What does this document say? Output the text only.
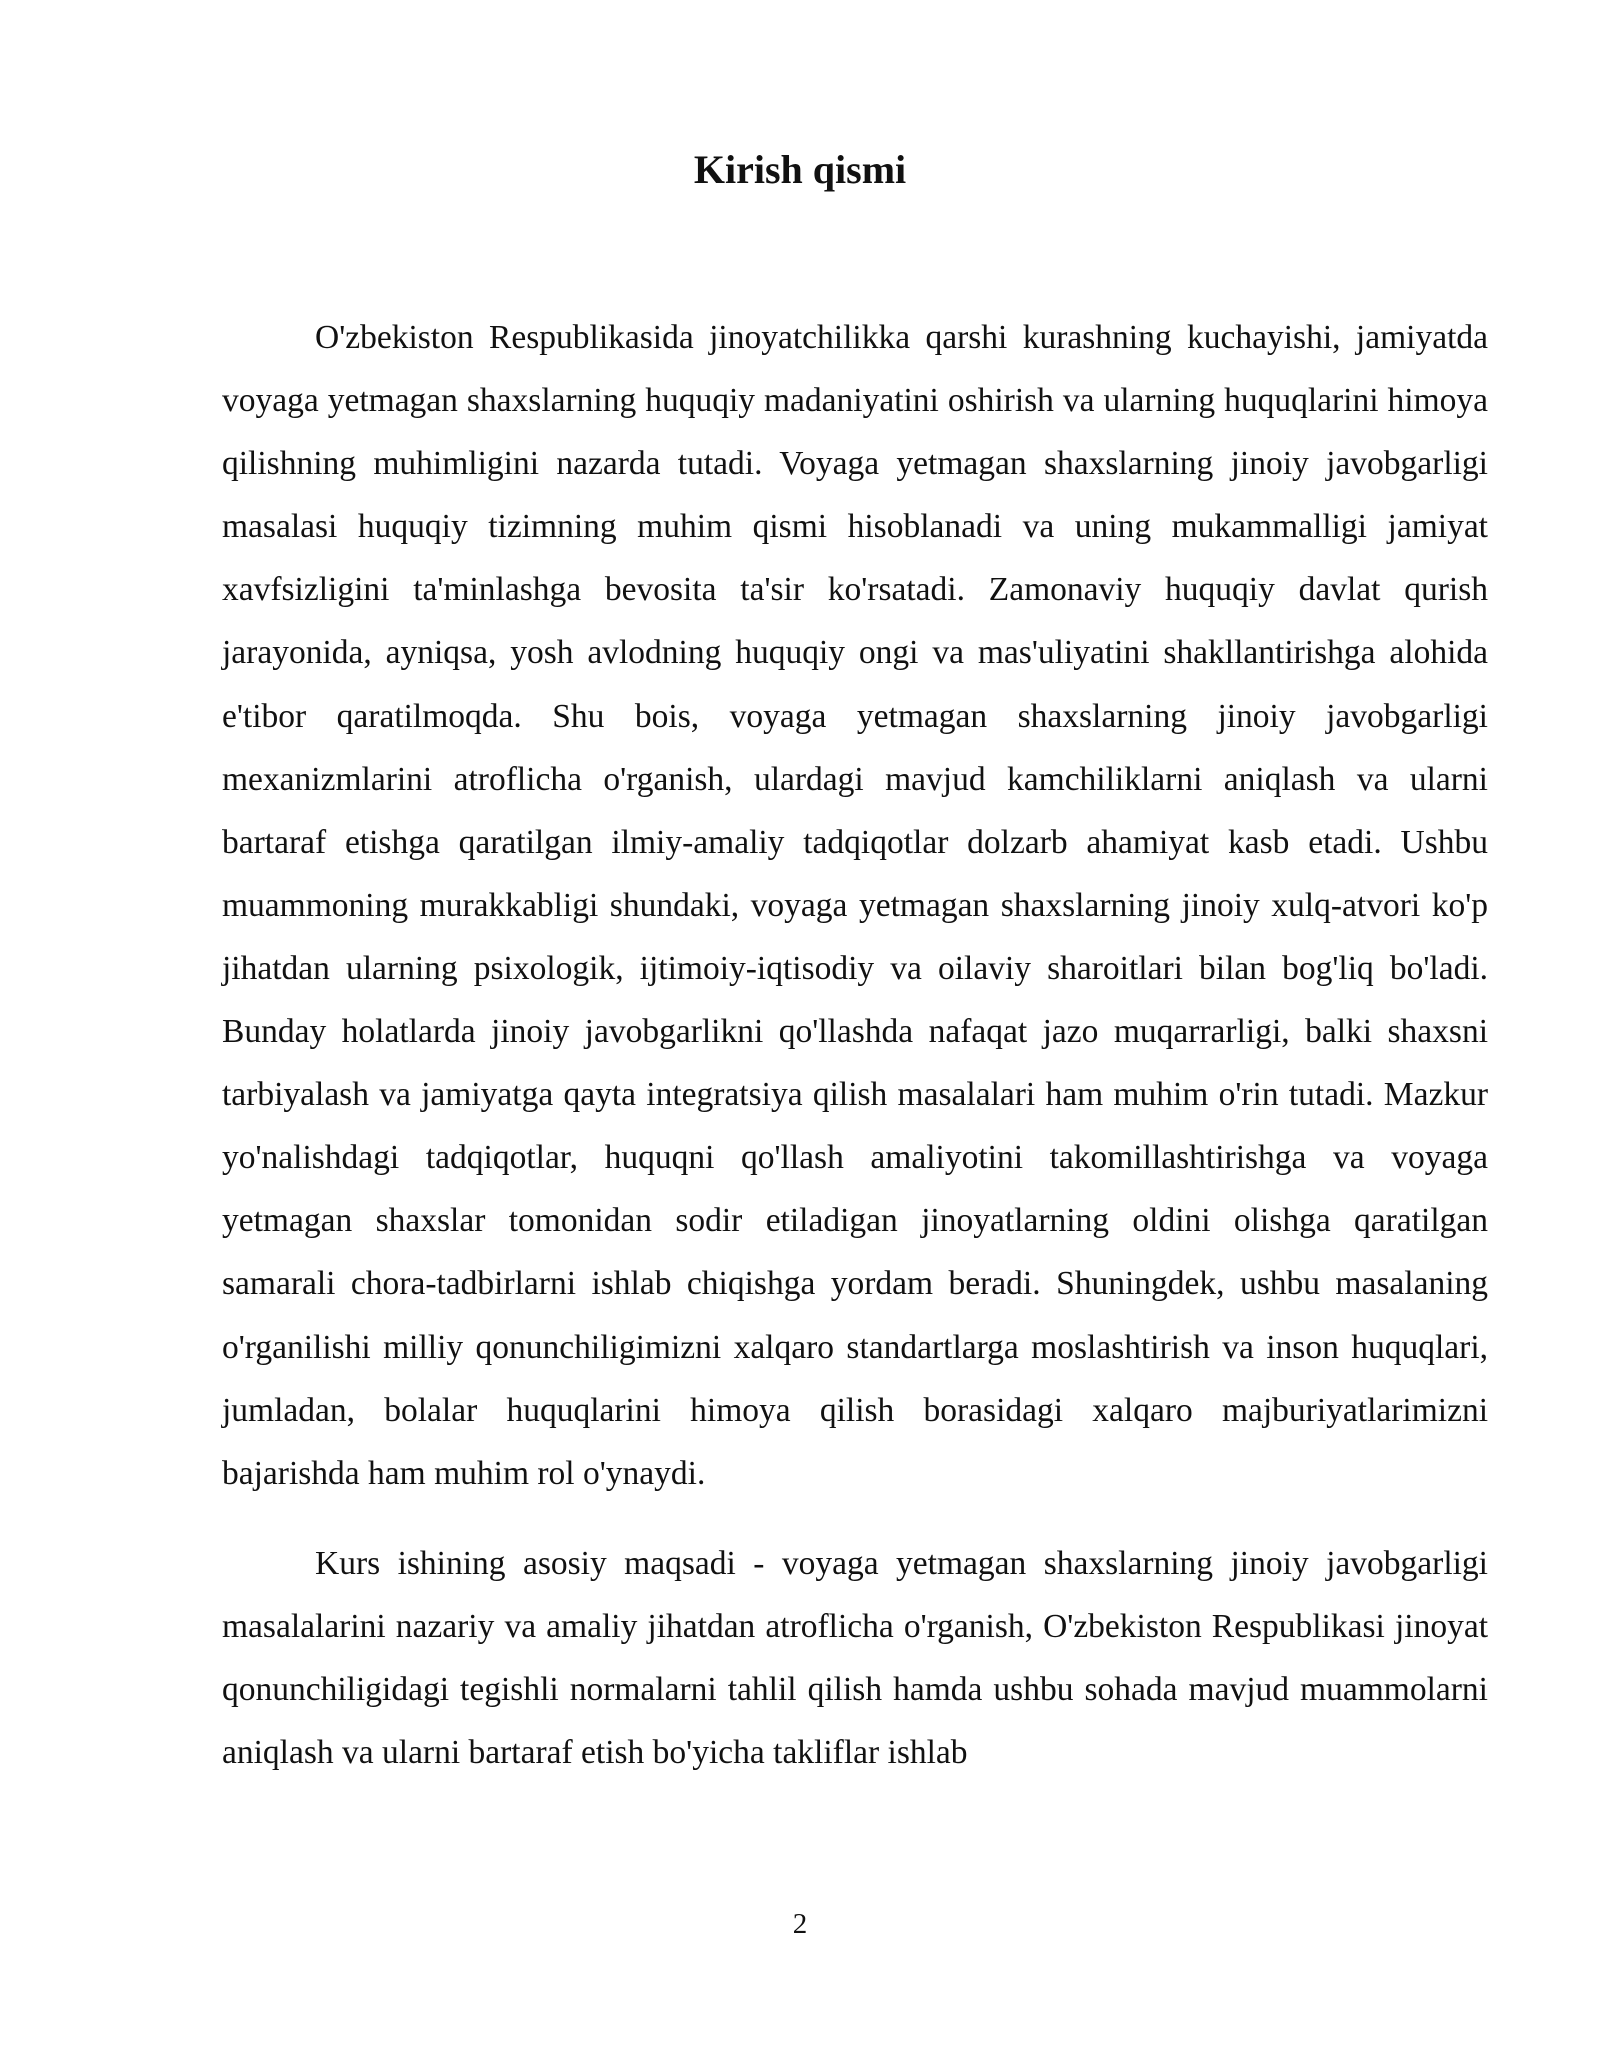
Kirish qismi

O'zbekiston Respublikasida jinoyatchilikka qarshi kurashning kuchayishi, jamiyatda voyaga yetmagan shaxslarning huquqiy madaniyatini oshirish va ularning huquqlarini himoya qilishning muhimligini nazarda tutadi. Voyaga yetmagan shaxslarning jinoiy javobgarligi masalasi huquqiy tizimning muhim qismi hisoblanadi va uning mukammalligi jamiyat xavfsizligini ta'minlashga bevosita ta'sir ko'rsatadi. Zamonaviy huquqiy davlat qurish jarayonida, ayniqsa, yosh avlodning huquqiy ongi va mas'uliyatini shakllantirishga alohida e'tibor qaratilmoqda. Shu bois, voyaga yetmagan shaxslarning jinoiy javobgarligi mexanizmlarini atroflicha o'rganish, ulardagi mavjud kamchiliklarni aniqlash va ularni bartaraf etishga qaratilgan ilmiy-amaliy tadqiqotlar dolzarb ahamiyat kasb etadi. Ushbu muammoning murakkabligi shundaki, voyaga yetmagan shaxslarning jinoiy xulq-atvori ko'p jihatdan ularning psixologik, ijtimoiy-iqtisodiy va oilaviy sharoitlari bilan bog'liq bo'ladi. Bunday holatlarda jinoiy javobgarlikni qo'llashda nafaqat jazo muqarrarligi, balki shaxsni tarbiyalash va jamiyatga qayta integratsiya qilish masalalari ham muhim o'rin tutadi. Mazkur yo'nalishdagi tadqiqotlar, huquqni qo'llash amaliyotini takomillashtirishga va voyaga yetmagan shaxslar tomonidan sodir etiladigan jinoyatlarning oldini olishga qaratilgan samarali chora-tadbirlarni ishlab chiqishga yordam beradi. Shuningdek, ushbu masalaning o'rganilishi milliy qonunchiligimizni xalqaro standartlarga moslashtirish va inson huquqlari, jumladan, bolalar huquqlarini himoya qilish borasidagi xalqaro majburiyatlarimizni bajarishda ham muhim rol o'ynaydi.

Kurs ishining asosiy maqsadi - voyaga yetmagan shaxslarning jinoiy javobgarligi masalalarini nazariy va amaliy jihatdan atroflicha o'rganish, O'zbekiston Respublikasi jinoyat qonunchiligidagi tegishli normalarni tahlil qilish hamda ushbu sohada mavjud muammolarni aniqlash va ularni bartaraf etish bo'yicha takliflar ishlab

2
